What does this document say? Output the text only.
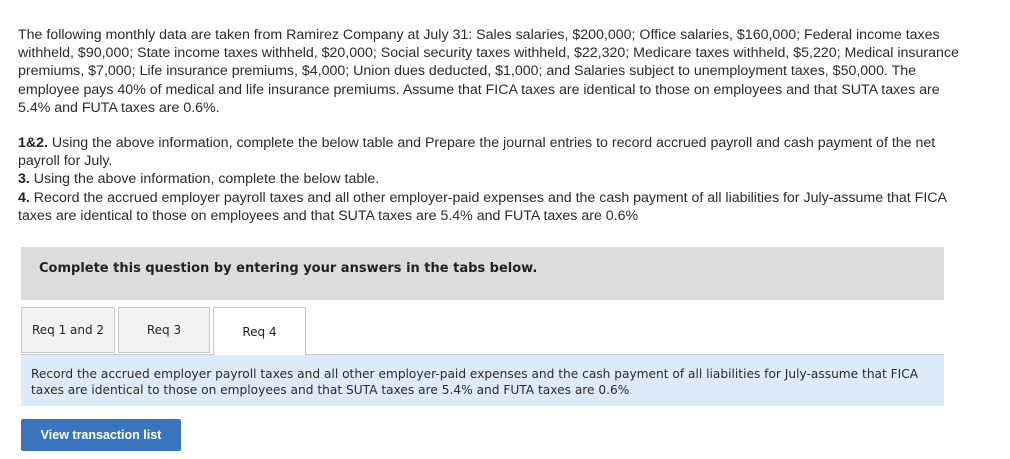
The following monthly data are taken from Ramirez Company at July 31: Sales salaries, $200,000; Office salaries, $160,000; Federal income taxes withheld, $90,000; State income taxes withheld, $20,000; Social security taxes withheld, $22,320; Medicare taxes withheld, $5,220; Medical insurance premiums, $7,000; Life insurance premiums, $4,000; Union dues deducted, $1,000; and Salaries subject to unemployment taxes, $50,000. The employee pays 40% of medical and life insurance premiums. Assume that FICA taxes are identical to those on employees and that SUTA taxes are 5.4% and FUTA taxes are 0.6%.

1&2. Using the above information, complete the below table and Prepare the journal entries to record accrued payroll and cash payment of the net payroll for July.

3. Using the above information, complete the below table.

4. Record the accrued employer payroll taxes and all other employer-paid expenses and the cash payment of all liabilities for July-assume that FICA taxes are identical to those on employees and that SUTA taxes are 5.4% and FUTA taxes are 0.6%

Complete this question by entering your answers in the tabs below.
Req 1 and 2	Req 3	Req 4

Record the accrued employer payroll taxes and all other employer-paid expenses and the cash payment of all liabilities for July-assume that FICA taxes are identical to those on employees and that SUTA taxes are 5.4% and FUTA taxes are 0.6%

View transaction list
